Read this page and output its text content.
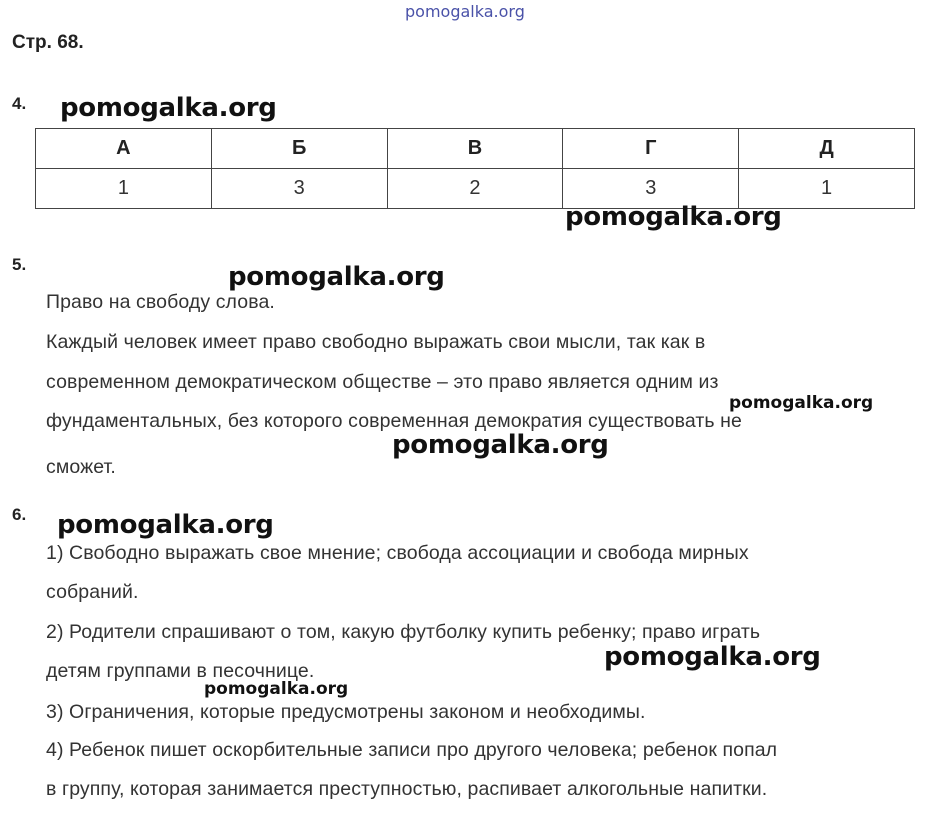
pomogalka.org
Стр. 68.
4. pomogalka.org
А	Б	В	Г	Д
1	3	2	3	1
pomogalka.org
5.	pomogalka.org
Право на свободу слова.
Каждый человек имеет право свободно выражать свои мысли, так как в
современном демократическом обществе – это право является одним из
pomogalka.org
фундаментальных, без которого современная демократия существовать не
pomogalka.org
сможет.
6. pomogalka.org
1) Свободно выражать свое мнение; свобода ассоциации и свобода мирных
собраний.
2) Родители спрашивают о том, какую футболку купить ребенку; право играть
pomogalka.org
детям группами в песочнице.
pomogalka.org
3) Ограничения, которые предусмотрены законом и необходимы.
4) Ребенок пишет оскорбительные записи про другого человека; ребенок попал
в группу, которая занимается преступностью, распивает алкогольные напитки.
